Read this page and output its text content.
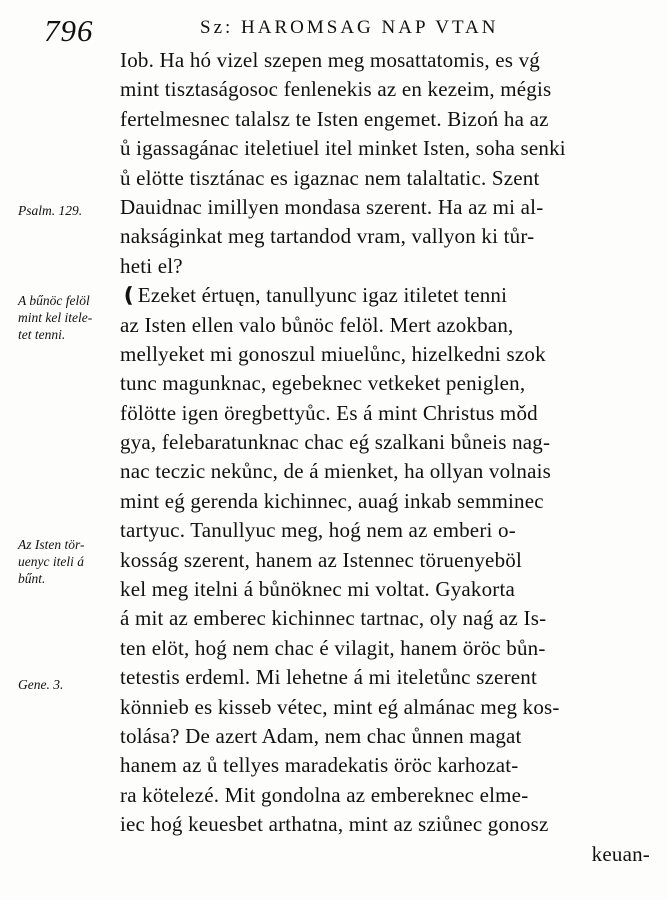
796	Sz: HAROMSAG NAP VTAN
Psalm. 129.
A bűnöc felöl
mint kel itele-
tet tenni.
Az Isten tör-
uenyc iteli á
bűnt.
Gene. 3.
Iob. Ha hó vizel szepen meg mosattatomis, es vǵ
mint tisztaságosoc fenlenekis az en kezeim, mégis
fertelmesnec talalsz te Isten engemet. Bizoń ha az
ů igassagánac iteletiuel itel minket Isten, soha senki
ů elötte tisztánac es igaznac nem talaltatic. Szent
Dauidnac imillyen mondasa szerent. Ha az mi al-
nakságinkat meg tartandod vram, vallyon ki tůr-
heti el?
❪Ezeket értuęn, tanullyunc igaz itiletet tenni
az Isten ellen valo bůnöc felöl. Mert azokban,
mellyeket mi gonoszul miuelůnc, hizelkedni szok
tunc magunknac, egebeknec vetkeket peniglen,
fölötte igen öregbettyůc. Es á mint Christus mǒd
gya, felebaratunknac chac eǵ szalkani bůneis nag-
nac teczic nekůnc, de á mienket, ha ollyan volnais
mint eǵ gerenda kichinnec, auaǵ inkab semminec
tartyuc. Tanullyuc meg, hoǵ nem az emberi o-
kosság szerent, hanem az Istennec töruenyeböl
kel meg itelni á bůnöknec mi voltat. Gyakorta
á mit az emberec kichinnec tartnac, oly naǵ az Is-
ten elöt, hoǵ nem chac é vilagit, hanem öröc bůn-
tetestis erdeml. Mi lehetne á mi iteletůnc szerent
könnieb es kisseb vétec, mint eǵ almánac meg kos-
tolása? De azert Adam, nem chac ůnnen magat
hanem az ů tellyes maradekatis öröc karhozat-
ra kötelezé. Mit gondolna az embereknec elme-
iec hoǵ keuesbet arthatna, mint az sziůnec gonosz
keuan-
